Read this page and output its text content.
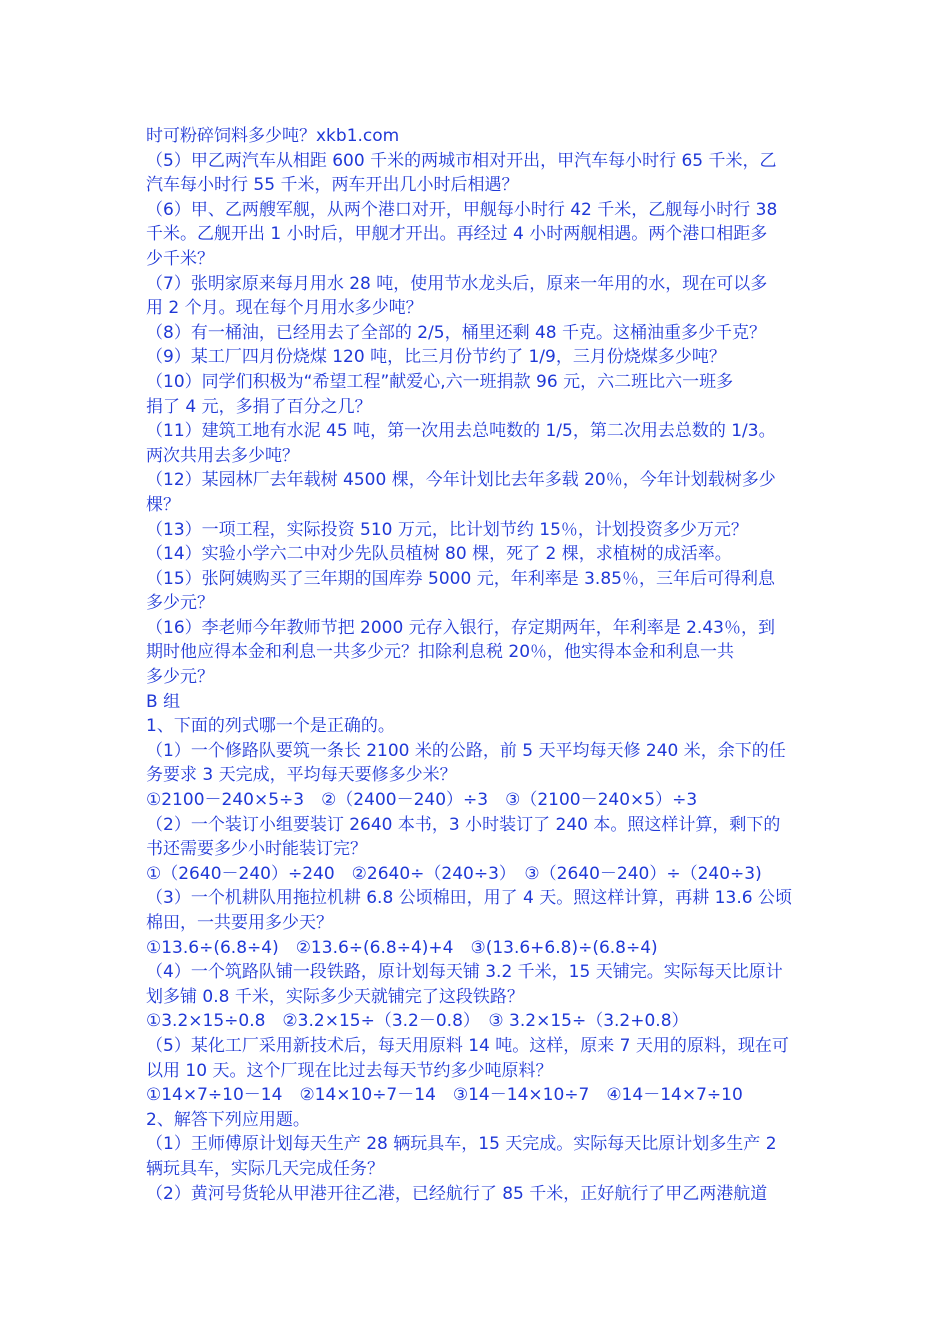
时可粉碎饲料多少吨？xkb1.com
（5）甲乙两汽车从相距 600 千米的两城市相对开出，甲汽车每小时行 65 千米，乙
汽车每小时行 55 千米，两车开出几小时后相遇？
（6）甲、乙两艘军舰，从两个港口对开，甲舰每小时行 42 千米，乙舰每小时行 38
千米。乙舰开出 1 小时后，甲舰才开出。再经过 4 小时两舰相遇。两个港口相距多
少千米？
（7）张明家原来每月用水 28 吨，使用节水龙头后，原来一年用的水，现在可以多
用 2 个月。现在每个月用水多少吨？
（8）有一桶油，已经用去了全部的 2/5，桶里还剩 48 千克。这桶油重多少千克？
（9）某工厂四月份烧煤 120 吨，比三月份节约了 1/9，三月份烧煤多少吨？
（10）同学们积极为“希望工程”献爱心,六一班捐款 96 元，六二班比六一班多
捐了 4 元，多捐了百分之几？
（11）建筑工地有水泥 45 吨，第一次用去总吨数的 1/5，第二次用去总数的 1/3。
两次共用去多少吨？
（12）某园林厂去年载树 4500 棵，今年计划比去年多载 20％，今年计划载树多少
棵？
（13）一项工程，实际投资 510 万元，比计划节约 15％，计划投资多少万元？
（14）实验小学六二中对少先队员植树 80 棵，死了 2 棵，求植树的成活率。
（15）张阿姨购买了三年期的国库券 5000 元，年利率是 3.85％，三年后可得利息
多少元？
（16）李老师今年教师节把 2000 元存入银行，存定期两年，年利率是 2.43％，到
期时他应得本金和利息一共多少元？扣除利息税 20％，他实得本金和利息一共
多少元？
B 组
1、下面的列式哪一个是正确的。
（1）一个修路队要筑一条长 2100 米的公路，前 5 天平均每天修 240 米，余下的任
务要求 3 天完成，平均每天要修多少米？
①2100－240×5÷3　②（2400－240）÷3　③（2100－240×5）÷3
（2）一个装订小组要装订 2640 本书，3 小时装订了 240 本。照这样计算，剩下的
书还需要多少小时能装订完？
①（2640－240）÷240　②2640÷（240÷3）　③（2640－240）÷（240÷3)
（3）一个机耕队用拖拉机耕 6.8 公顷棉田，用了 4 天。照这样计算，再耕 13.6 公顷
棉田，一共要用多少天？
①13.6÷(6.8÷4)　②13.6÷(6.8÷4)+4　③(13.6+6.8)÷(6.8÷4)
（4）一个筑路队铺一段铁路，原计划每天铺 3.2 千米，15 天铺完。实际每天比原计
划多铺 0.8 千米，实际多少天就铺完了这段铁路？
①3.2×15÷0.8　②3.2×15÷（3.2－0.8）　③ 3.2×15÷（3.2+0.8）
（5）某化工厂采用新技术后，每天用原料 14 吨。这样，原来 7 天用的原料，现在可
以用 10 天。这个厂现在比过去每天节约多少吨原料？
①14×7÷10－14　②14×10÷7－14　③14－14×10÷7　④14－14×7÷10
2、解答下列应用题。
（1）王师傅原计划每天生产 28 辆玩具车，15 天完成。实际每天比原计划多生产 2
辆玩具车，实际几天完成任务？
（2）黄河号货轮从甲港开往乙港，已经航行了 85 千米，正好航行了甲乙两港航道
